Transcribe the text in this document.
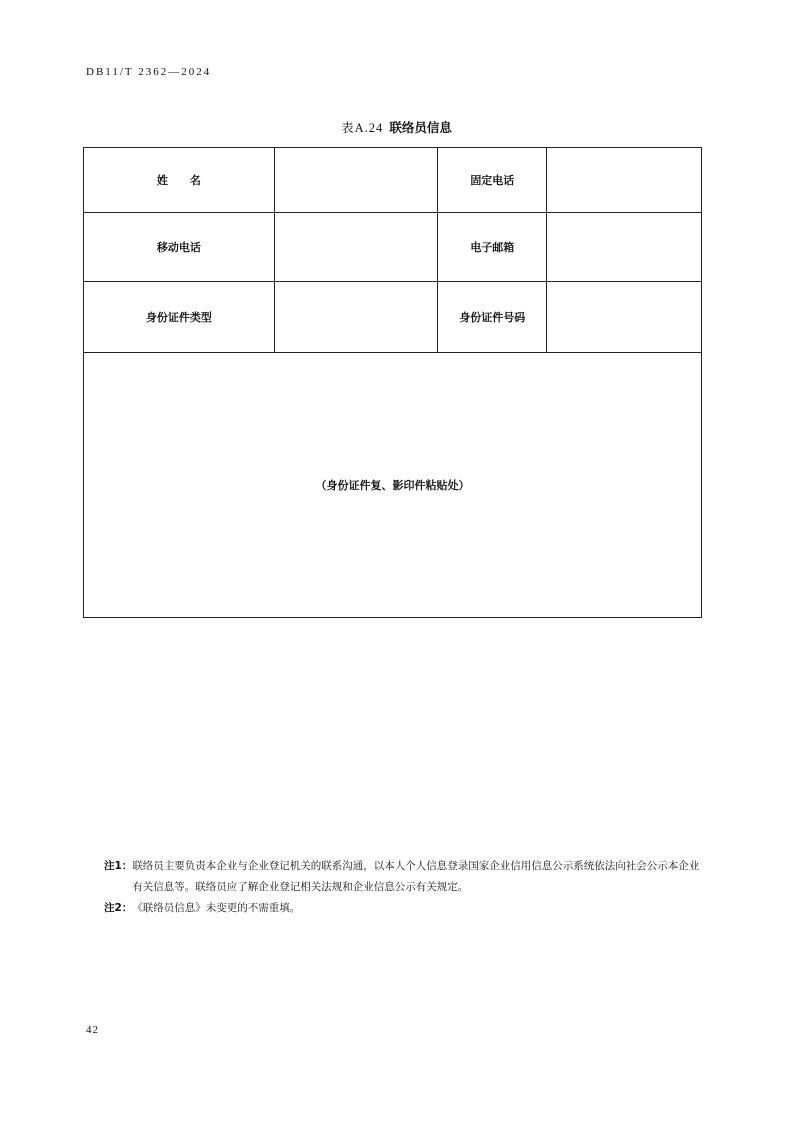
DB11/T 2362—2024
表A.24 联络员信息
姓名		固定电话	
移动电话		电子邮箱	
身份证件类型		身份证件号码	
（身份证件复、影印件粘贴处）			
注1： 联络员主要负责本企业与企业登记机关的联系沟通，以本人个人信息登录国家企业信用信息公示系统依法向社会公示本企业有关信息等。联络员应了解企业登记相关法规和企业信息公示有关规定。
注2： 《联络员信息》未变更的不需重填。
42
